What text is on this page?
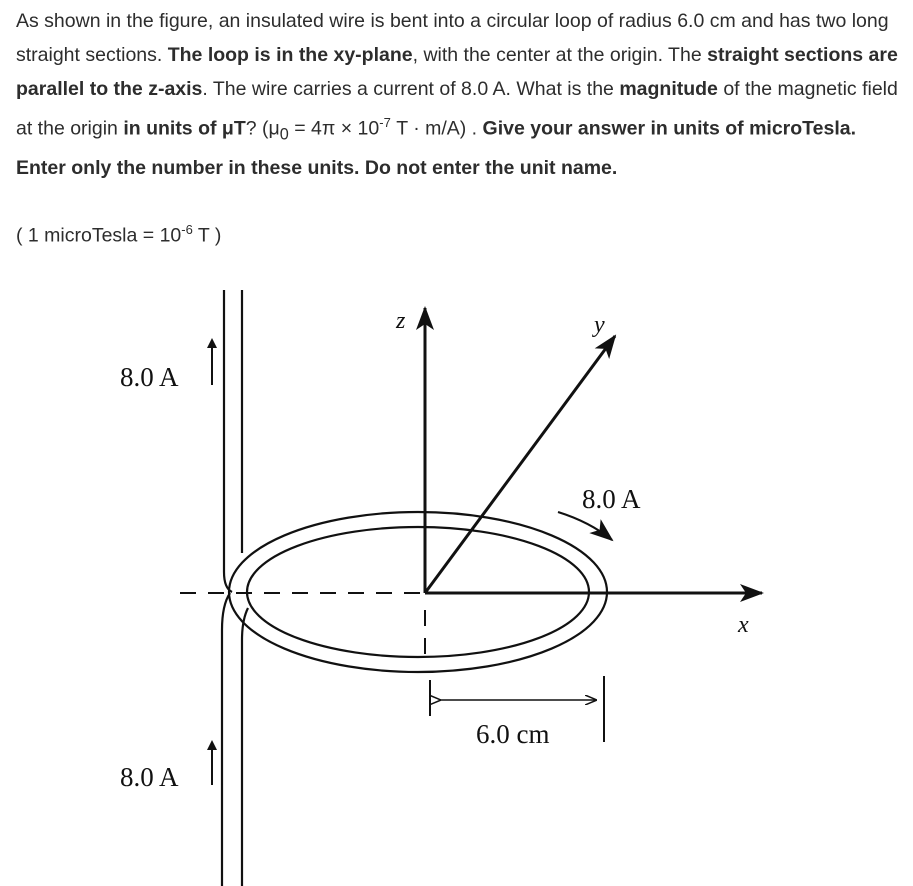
As shown in the figure, an insulated wire is bent into a circular loop of radius 6.0 cm and has two long straight sections. The loop is in the xy-plane, with the center at the origin. The straight sections are parallel to the z-axis. The wire carries a current of 8.0 A. What is the magnitude of the magnetic field at the origin in units of μT? ($\mu_0 = 4\pi \times 10^{-7}$ T · m/A) . Give your answer in units of microTesla. Enter only the number in these units. Do not enter the unit name.
( 1 microTesla = $10^{-6}$ T )
8.0 A
8.0 A
8.0 A
z	y
x
6.0 cm
